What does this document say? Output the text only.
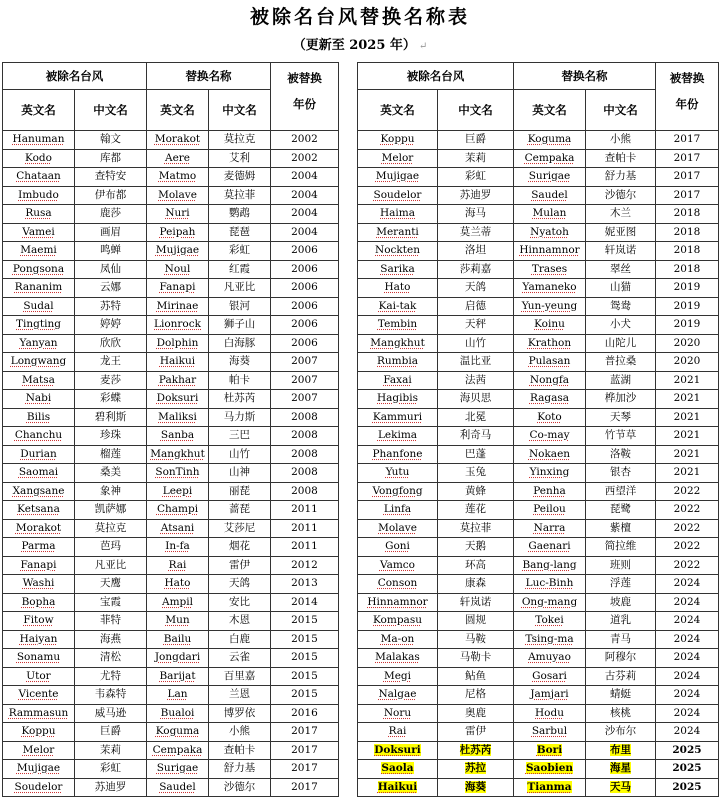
被除名台风替换名称表
（更新至 2025 年） ↵
被除名台风		替换名称		被替换
年份

英文名	中文名	英文名	中文名	
Hanuman	翰文	Morakot	莫拉克	2002
Kodo	库都	Aere	艾利	2002
Chataan	查特安	Matmo	麦德姆	2004
Imbudo	伊布都	Molave	莫拉菲	2004
Rusa	鹿莎	Nuri	鹦鹉	2004
Vamei	画眉	Peipah	琵琶	2004
Maemi	鸣蝉	Mujigae	彩虹	2006
Pongsona	凤仙	Noul	红霞	2006
Rananim	云娜	Fanapi	凡亚比	2006
Sudal	苏特	Mirinae	银河	2006
Tingting	婷婷	Lionrock	狮子山	2006
Yanyan	欣欣	Dolphin	白海豚	2006
Longwang	龙王	Haikui	海葵	2007
Matsa	麦莎	Pakhar	帕卡	2007
Nabi	彩蝶	Doksuri	杜苏芮	2007
Bilis	碧利斯	Maliksi	马力斯	2008
Chanchu	珍珠	Sanba	三巴	2008
Durian	榴莲	Mangkhut	山竹	2008
Saomai	桑美	SonTinh	山神	2008
Xangsane	象神	Leepi	丽琵	2008
Ketsana	凯萨娜	Champi	蔷琵	2011
Morakot	莫拉克	Atsani	艾莎尼	2011
Parma	芭玛	In-fa	烟花	2011
Fanapi	凡亚比	Rai	雷伊	2012
Washi	天鹰	Hato	天鸽	2013
Bopha	宝霞	Ampil	安比	2014
Fitow	菲特	Mun	木恩	2015
Haiyan	海燕	Bailu	白鹿	2015
Sonamu	清松	Jongdari	云雀	2015
Utor	尤特	Barijat	百里嘉	2015
Vicente	韦森特	Lan	兰恩	2015
Rammasun	威马逊	Bualoi	博罗依	2016
Koppu	巨爵	Koguma	小熊	2017
Melor	茉莉	Cempaka	查帕卡	2017
Mujigae	彩虹	Surigae	舒力基	2017
Soudelor	苏迪罗	Saudel	沙德尔	2017
被除名台风		替换名称		被替换
年份

英文名	中文名	英文名	中文名	
Koppu	巨爵	Koguma	小熊	2017
Melor	茉莉	Cempaka	查帕卡	2017
Mujigae	彩虹	Surigae	舒力基	2017
Soudelor	苏迪罗	Saudel	沙德尔	2017
Haima	海马	Mulan	木兰	2018
Meranti	莫兰蒂	Nyatoh	妮亚图	2018
Nockten	洛坦	Hinnamnor	轩岚诺	2018
Sarika	莎莉嘉	Trases	翠丝	2018
Hato	天鸽	Yamaneko	山猫	2019
Kai-tak	启德	Yun-yeung	鸳鸯	2019
Tembin	天秤	Koinu	小犬	2019
Mangkhut	山竹	Krathon	山陀儿	2020
Rumbia	温比亚	Pulasan	普拉桑	2020
Faxai	法茜	Nongfa	蓝湖	2021
Hagibis	海贝思	Ragasa	桦加沙	2021
Kammuri	北冕	Koto	天琴	2021
Lekima	利奇马	Co-may	竹节草	2021
Phanfone	巴蓬	Nokaen	洛鞍	2021
Yutu	玉兔	Yinxing	银杏	2021
Vongfong	黄蜂	Penha	西望洋	2022
Linfa	莲花	Peilou	琵鹭	2022
Molave	莫拉菲	Narra	紫檀	2022
Goni	天鹅	Gaenari	简拉维	2022
Vamco	环高	Bang-lang	班则	2022
Conson	康森	Luc-Binh	浮莲	2024
Hinnamnor	轩岚诺	Ong-mang	坡鹿	2024
Kompasu	圆规	Tokei	道乳	2024
Ma-on	马鞍	Tsing-ma	青马	2024
Malakas	马勒卡	Amuyao	阿穆尔	2024
Megi	鲇鱼	Gosari	古芬莉	2024
Nalgae	尼格	Jamjari	蜻蜓	2024
Noru	奥鹿	Hodu	核桃	2024
Rai	雷伊	Sarbul	沙布尔	2024
Doksuri	杜苏芮	Bori	布里	2025
Saola	苏拉	Saobien	海星	2025
Haikui	海葵	Tianma	天马	2025
